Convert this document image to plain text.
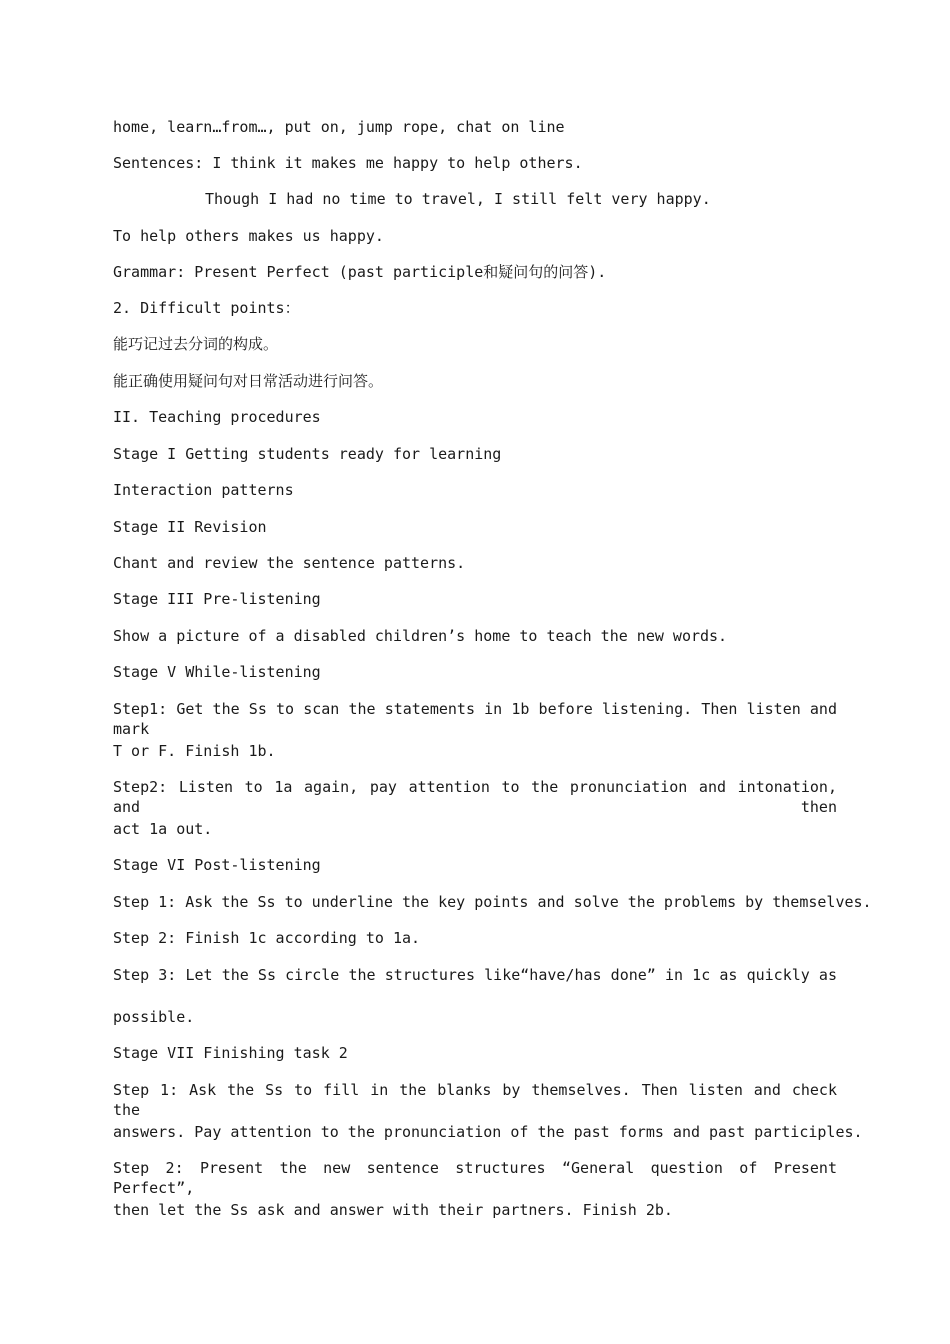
home, learn…from…, put on, jump rope, chat on line
Sentences: I think it makes me happy to help others.
Though I had no time to travel, I still felt very happy.
To help others makes us happy.
Grammar: Present Perfect (past participle和疑问句的问答).
2. Difficult points：
能巧记过去分词的构成。
能正确使用疑问句对日常活动进行问答。
II. Teaching procedures
Stage I Getting students ready for learning
Interaction patterns
Stage II Revision
Chant and review the sentence patterns.
Stage III Pre-listening
Show a picture of a disabled children’s home to teach the new words.
Stage V While-listening
Step1: Get the Ss to scan the statements in 1b before listening. Then listen and mark
T or F. Finish 1b.
Step2: Listen to 1a again, pay attention to the pronunciation and intonation, and then
act 1a out.
Stage VI Post-listening
Step 1: Ask the Ss to underline the key points and solve the problems by themselves.
Step 2: Finish 1c according to 1a.
Step 3: Let the Ss circle the structures like“have/has done” in 1c as quickly as
possible.
Stage VII Finishing task 2
Step 1: Ask the Ss to fill in the blanks by themselves. Then listen and check the
answers. Pay attention to the pronunciation of the past forms and past participles.
Step 2: Present the new sentence structures “General question of Present Perfect”,
then let the Ss ask and answer with their partners. Finish 2b.
